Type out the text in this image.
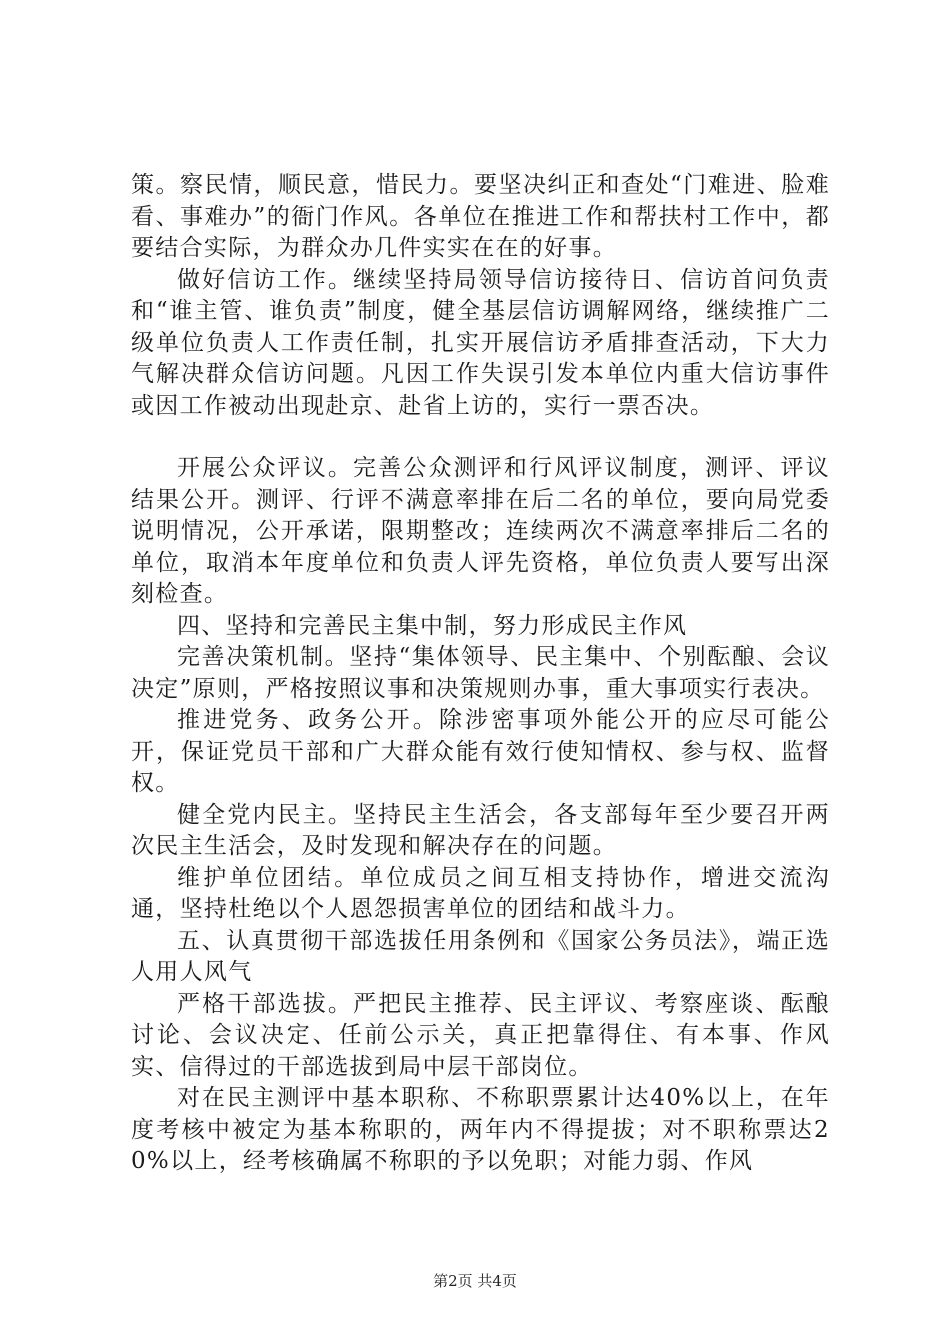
策。察民情，顺民意，惜民力。要坚决纠正和查处“门难进、脸难看、事难办”的衙门作风。各单位在推进工作和帮扶村工作中，都要结合实际，为群众办几件实实在在的好事。

做好信访工作。继续坚持局领导信访接待日、信访首问负责和“谁主管、谁负责”制度，健全基层信访调解网络，继续推广二级单位负责人工作责任制，扎实开展信访矛盾排查活动，下大力气解决群众信访问题。凡因工作失误引发本单位内重大信访事件或因工作被动出现赴京、赴省上访的，实行一票否决。

开展公众评议。完善公众测评和行风评议制度，测评、评议结果公开。测评、行评不满意率排在后二名的单位，要向局党委说明情况，公开承诺，限期整改；连续两次不满意率排后二名的单位，取消本年度单位和负责人评先资格，单位负责人要写出深刻检查。

四、坚持和完善民主集中制，努力形成民主作风

完善决策机制。坚持“集体领导、民主集中、个别酝酿、会议决定”原则，严格按照议事和决策规则办事，重大事项实行表决。

推进党务、政务公开。除涉密事项外能公开的应尽可能公开，保证党员干部和广大群众能有效行使知情权、参与权、监督权。

健全党内民主。坚持民主生活会，各支部每年至少要召开两次民主生活会，及时发现和解决存在的问题。

维护单位团结。单位成员之间互相支持协作，增进交流沟通，坚持杜绝以个人恩怨损害单位的团结和战斗力。

五、认真贯彻干部选拔任用条例和《国家公务员法》，端正选人用人风气

严格干部选拔。严把民主推荐、民主评议、考察座谈、酝酿讨论、会议决定、任前公示关，真正把靠得住、有本事、作风实、信得过的干部选拔到局中层干部岗位。

对在民主测评中基本职称、不称职票累计达40%以上，在年度考核中被定为基本称职的，两年内不得提拔；对不职称票达20%以上，经考核确属不称职的予以免职；对能力弱、作风

第2页 共4页
